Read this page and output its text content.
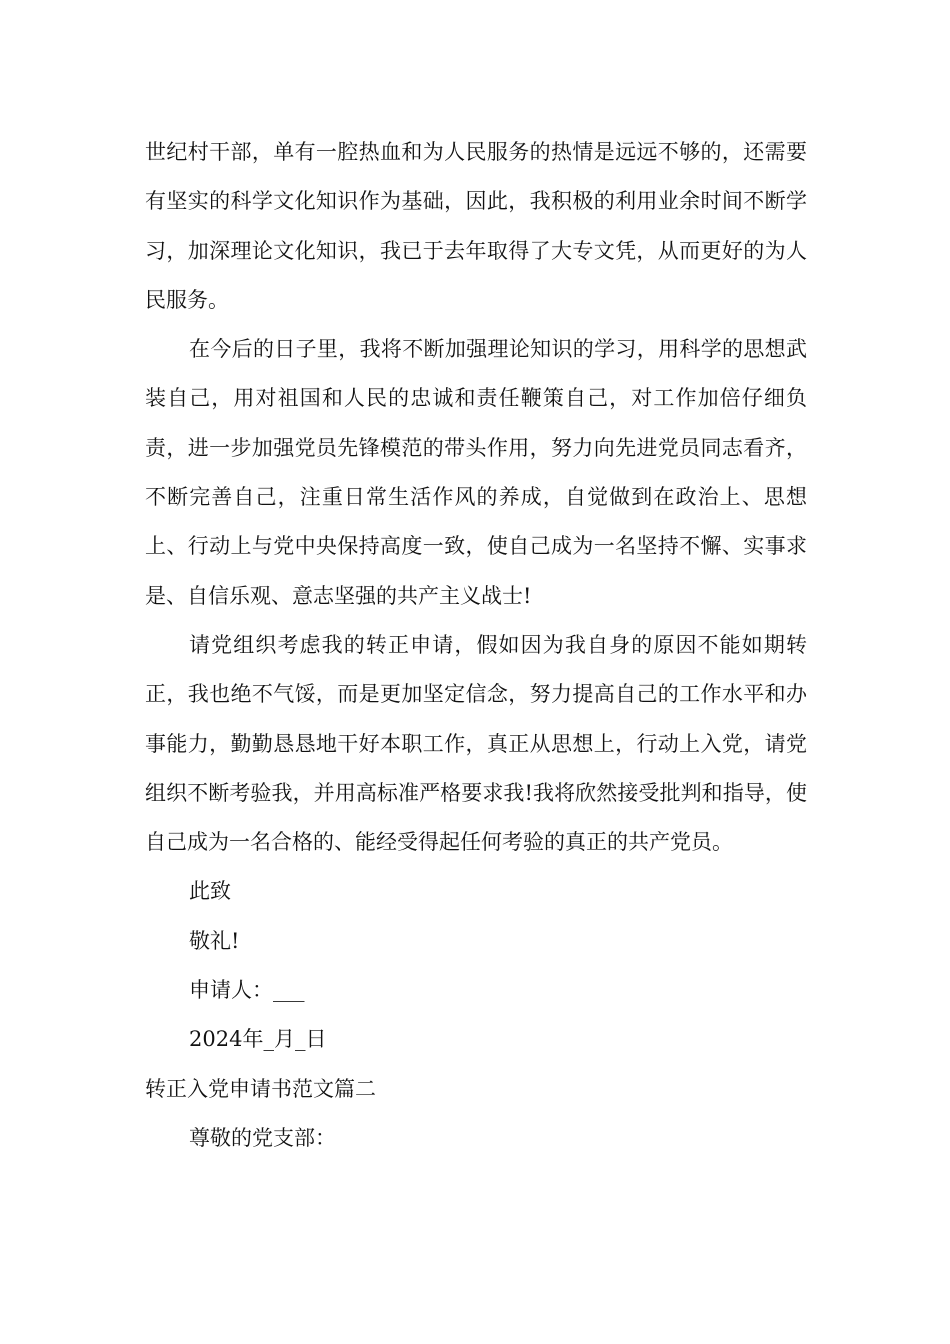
世纪村干部，单有一腔热血和为人民服务的热情是远远不够的，还需要有坚实的科学文化知识作为基础，因此，我积极的利用业余时间不断学习，加深理论文化知识，我已于去年取得了大专文凭，从而更好的为人民服务。

在今后的日子里，我将不断加强理论知识的学习，用科学的思想武装自己，用对祖国和人民的忠诚和责任鞭策自己，对工作加倍仔细负责，进一步加强党员先锋模范的带头作用，努力向先进党员同志看齐，不断完善自己，注重日常生活作风的养成，自觉做到在政治上、思想上、行动上与党中央保持高度一致，使自己成为一名坚持不懈、实事求是、自信乐观、意志坚强的共产主义战士!

请党组织考虑我的转正申请，假如因为我自身的原因不能如期转正，我也绝不气馁，而是更加坚定信念，努力提高自己的工作水平和办事能力，勤勤恳恳地干好本职工作，真正从思想上，行动上入党，请党组织不断考验我，并用高标准严格要求我!我将欣然接受批判和指导，使自己成为一名合格的、能经受得起任何考验的真正的共产党员。

此致

敬礼!

申请人：___

2024年_月_日

转正入党申请书范文篇二

尊敬的党支部：
